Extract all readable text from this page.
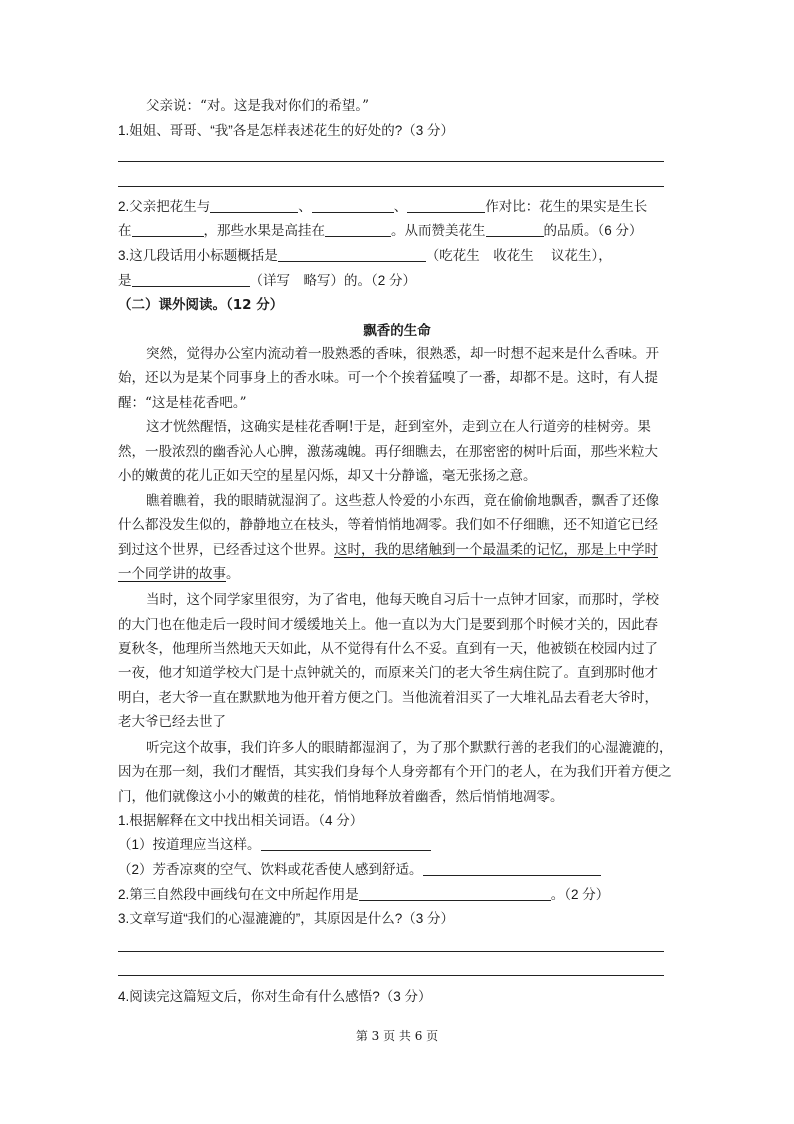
父亲说：“对。这是我对你们的希望。”
1.姐姐、哥哥、“我”各是怎样表述花生的好处的?（3 分）
2.父亲把花生与	、	、	作对比：花生的果实是生长
在	，那些水果是高挂在	。从而赞美花生	的品质。（6 分）
3.这几段话用小标题概括是	（吃花生　收花生　 议花生），
是	（详写　略写）的。（2 分）
（二）课外阅读。（12 分）
飘香的生命
突然，觉得办公室内流动着一股熟悉的香味，很熟悉，却一时想不起来是什么香味。开
始，还以为是某个同事身上的香水味。可一个个挨着猛嗅了一番，却都不是。这时，有人提
醒：“这是桂花香吧。”
这才恍然醒悟，这确实是桂花香啊!于是，赶到室外，走到立在人行道旁的桂树旁。果
然，一股浓烈的幽香沁人心脾，激荡魂魄。再仔细瞧去，在那密密的树叶后面，那些米粒大
小的嫩黄的花儿正如天空的星星闪烁，却又十分静谧，毫无张扬之意。
瞧着瞧着，我的眼睛就湿润了。这些惹人怜爱的小东西，竟在偷偷地飘香，飘香了还像
什么都没发生似的，静静地立在枝头，等着悄悄地凋零。我们如不仔细瞧，还不知道它已经
到过这个世界，已经香过这个世界。这时，我的思绪触到一个最温柔的记忆，那是上中学时
一个同学讲的故事。
当时，这个同学家里很穷，为了省电，他每天晚自习后十一点钟才回家，而那时，学校
的大门也在他走后一段时间才缓缓地关上。他一直以为大门是要到那个时候才关的，因此春
夏秋冬，他理所当然地天天如此，从不觉得有什么不妥。直到有一天，他被锁在校园内过了
一夜，他才知道学校大门是十点钟就关的，而原来关门的老大爷生病住院了。直到那时他才
明白，老大爷一直在默默地为他开着方便之门。当他流着泪买了一大堆礼品去看老大爷时，
老大爷已经去世了
听完这个故事，我们许多人的眼睛都湿润了，为了那个默默行善的老我们的心湿漉漉的，
因为在那一刻，我们才醒悟，其实我们身每个人身旁都有个开门的老人，在为我们开着方便之
门，他们就像这小小的嫩黄的桂花，悄悄地释放着幽香，然后悄悄地凋零。
1.根据解释在文中找出相关词语。（4 分）
（1）按道理应当这样。
（2）芳香凉爽的空气、饮料或花香使人感到舒适。
2.第三自然段中画线句在文中所起作用是	。（2 分）
3.文章写道“我们的心湿漉漉的”，其原因是什么?（3 分）
4.阅读完这篇短文后，你对生命有什么感悟?（3 分）
第 3 页 共 6 页
